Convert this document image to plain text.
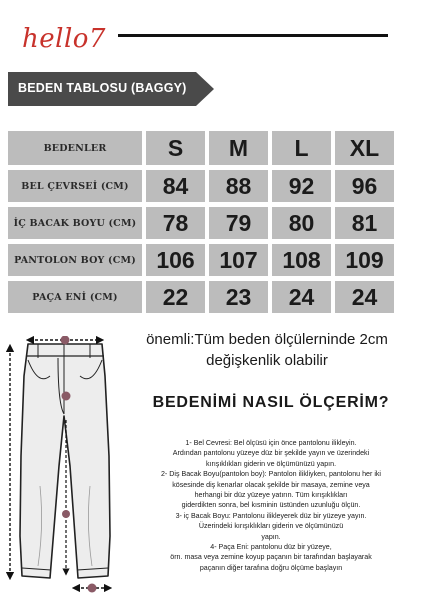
hello7
BEDEN TABLOSU (BAGGY)
BEDENLER	S	M	L	XL
BEL ÇEVRSEİ (CM)	84	88	92	96
İÇ BACAK BOYU (CM)	78	79	80	81
PANTOLON BOY (CM) 106	107	108	109
PAÇA ENİ (CM)	22	23	24	24
önemli:Tüm beden ölçülerninde 2cm
değişkenlik olabilir
BEDENİMİ NASIL ÖLÇERİM?
1- Bel Cevresi: Bel ölçüsü için önce pantolonu ilikleyin.
Ardından pantolonu yüzeye düz bir şekilde yayın ve üzerindeki
kırışıklıkları giderin ve ölçümünüzü yapın.
2- Diş Bacak Boyu(pantolon boy): Pantolon ilikliyken, pantolonu her iki
kösesinde diş kenarlar olacak şekilde bir masaya, zemine veya
herhangi bir düz yüzeye yatırın. Tüm kırışıklıkları
giderdikten sonra, bel kısminin üstünden uzunluğu ölçün.
3- iç Bacak Boyu: Pantolonu ilikleyerek düz bir yüzeye yayın.
Üzerindeki kırışıklıkları giderin ve ölçümünüzü
yapın.
4- Paça Eni: pantolonu düz bir yüzeye,
örn. masa veya zemine koyup paçanın bir tarafından başlayarak
paçanın diğer tarafına doğru ölçüme başlayın
